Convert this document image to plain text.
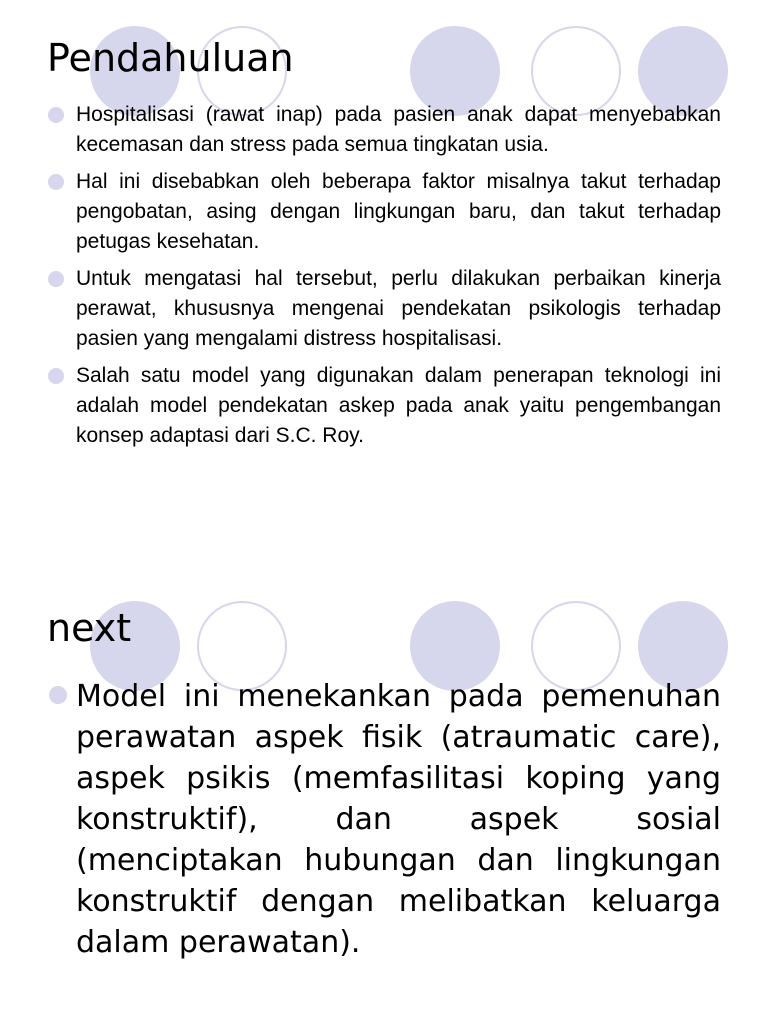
Pendahuluan
Hospitalisasi (rawat inap) pada pasien anak dapat menyebabkan kecemasan dan stress pada semua tingkatan usia.
Hal ini disebabkan oleh beberapa faktor misalnya takut terhadap pengobatan, asing dengan lingkungan baru, dan takut terhadap petugas kesehatan.
Untuk mengatasi hal tersebut, perlu dilakukan perbaikan kinerja perawat, khususnya mengenai pendekatan psikologis terhadap pasien yang mengalami distress hospitalisasi.
Salah satu model yang digunakan dalam penerapan teknologi ini adalah model pendekatan askep pada anak yaitu pengembangan konsep adaptasi dari S.C. Roy.
next
Model ini menekankan pada pemenuhan perawatan aspek fisik (atraumatic care), aspek psikis (memfasilitasi koping yang konstruktif), dan aspek sosial (menciptakan hubungan dan lingkungan konstruktif dengan melibatkan keluarga dalam perawatan).
